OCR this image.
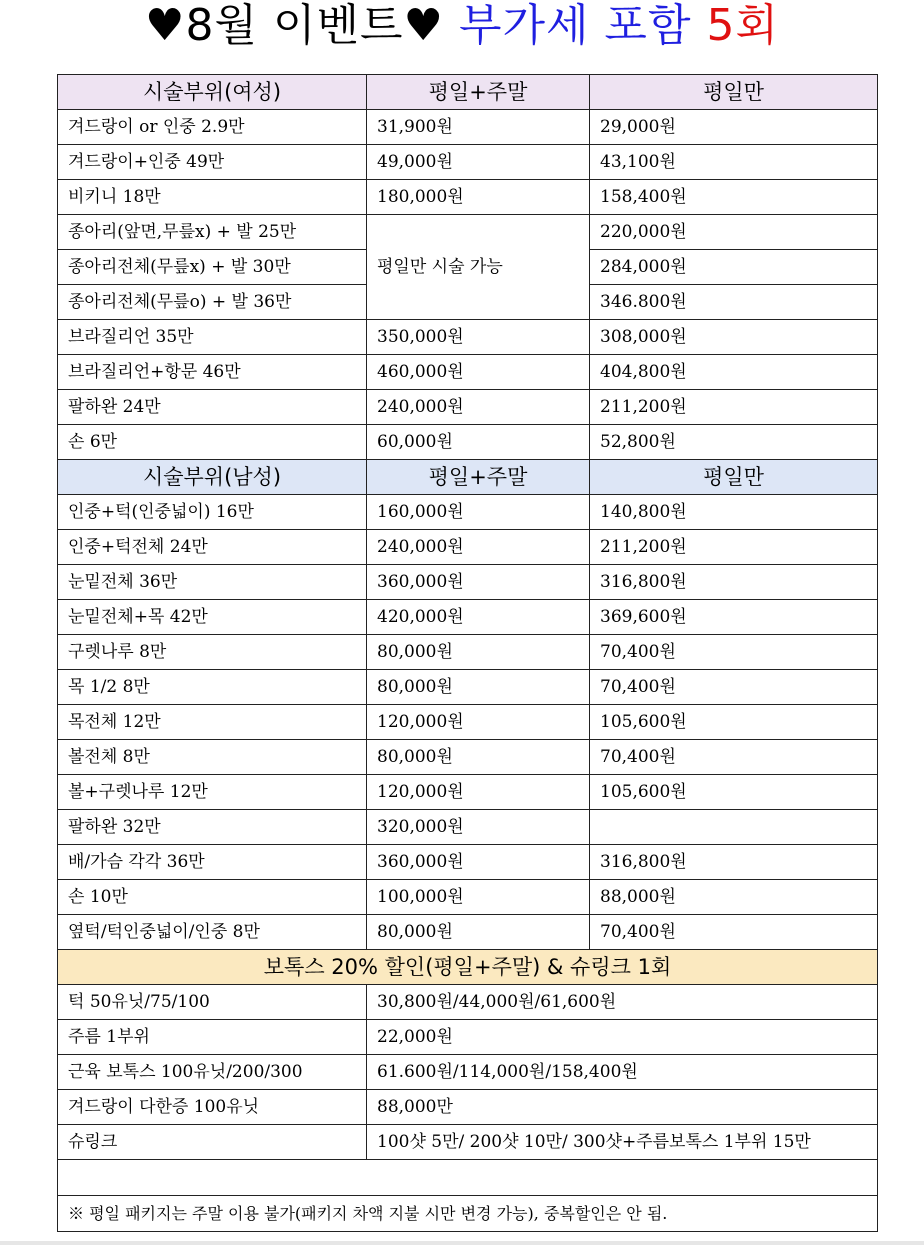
♥8월 이벤트♥ 부가세 포함 5회
시술부위(여성)	평일+주말	평일만
겨드랑이 or 인중 2.9만	31,900원	29,000원
겨드랑이+인중 49만	49,000원	43,100원
비키니 18만	180,000원	158,400원
종아리(앞면,무릎x) + 발 25만	평일만 시술 가능	220,000원
종아리전체(무릎x) + 발 30만		284,000원
종아리전체(무릎o) + 발 36만		346.800원
브라질리언 35만	350,000원	308,000원
브라질리언+항문 46만	460,000원	404,800원
팔하완 24만	240,000원	211,200원
손 6만	60,000원	52,800원
시술부위(남성)	평일+주말	평일만
인중+턱(인중넓이) 16만	160,000원	140,800원
인중+턱전체 24만	240,000원	211,200원
눈밑전체 36만	360,000원	316,800원
눈밑전체+목 42만	420,000원	369,600원
구렛나루 8만	80,000원	70,400원
목 1/2 8만	80,000원	70,400원
목전체 12만	120,000원	105,600원
볼전체 8만	80,000원	70,400원
볼+구렛나루 12만	120,000원	105,600원
팔하완 32만	320,000원	
배/가슴 각각 36만	360,000원	316,800원
손 10만	100,000원	88,000원
옆턱/턱인중넓이/인중 8만	80,000원	70,400원
보톡스 20% 할인(평일+주말) & 슈링크 1회		
턱 50유닛/75/100	30,800원/44,000원/61,600원	
주름 1부위	22,000원	
근육 보톡스 100유닛/200/300	61.600원/114,000원/158,400원	
겨드랑이 다한증 100유닛	88,000만	
슈링크	100샷 5만/ 200샷 10만/ 300샷+주름보톡스 1부위 15만	

※ 평일 패키지는 주말 이용 불가(패키지 차액 지불 시만 변경 가능), 중복할인은 안 됨.		
